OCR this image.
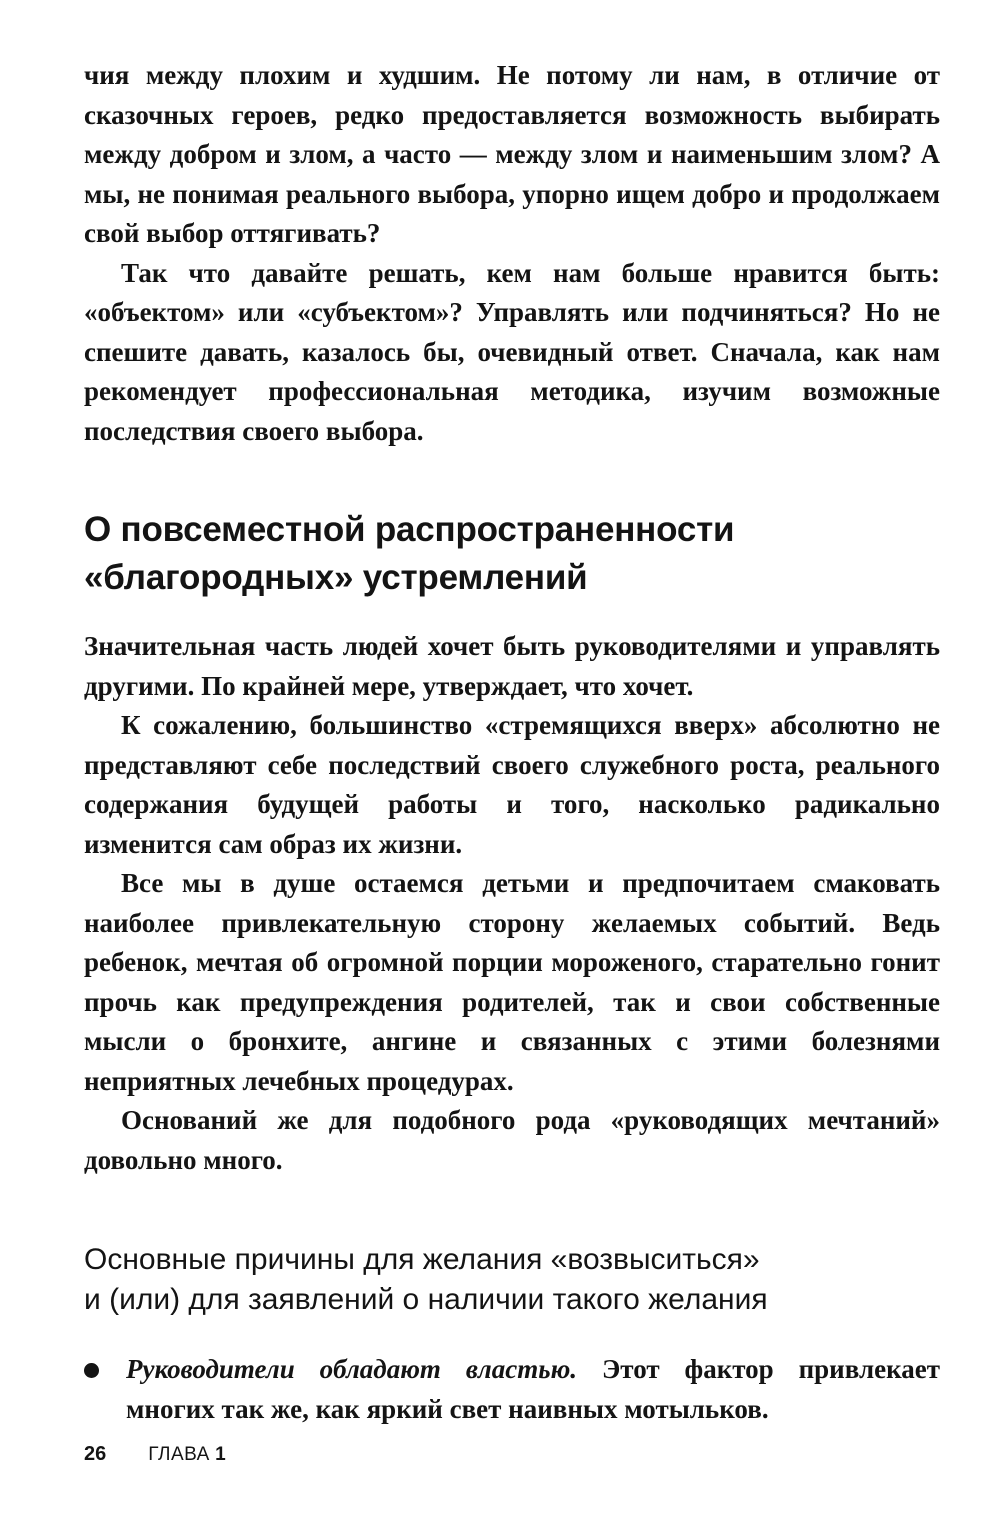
чия между плохим и худшим. Не потому ли нам, в отличие от сказочных героев, редко предоставляется возможность выбирать между добром и злом, а часто — между злом и наименьшим злом? А мы, не понимая реального выбора, упорно ищем добро и продолжаем свой выбор оттягивать?

Так что давайте решать, кем нам больше нравится быть: «объектом» или «субъектом»? Управлять или подчиняться? Но не спешите давать, казалось бы, очевидный ответ. Сначала, как нам рекомендует профессиональная методика, изучим возможные последствия своего выбора.

О повсеместной распространенности
«благородных» устремлений

Значительная часть людей хочет быть руководителями и управлять другими. По крайней мере, утверждает, что хочет.

К сожалению, большинство «стремящихся вверх» абсолютно не представляют себе последствий своего служебного роста, реального содержания будущей работы и того, насколько радикально изменится сам образ их жизни.

Все мы в душе остаемся детьми и предпочитаем смаковать наиболее привлекательную сторону желаемых событий. Ведь ребенок, мечтая об огромной порции мороженого, старательно гонит прочь как предупреждения родителей, так и свои собственные мысли о бронхите, ангине и связанных с этими болезнями неприятных лечебных процедурах.

Оснований же для подобного рода «руководящих мечтаний» довольно много.

Основные причины для желания «возвыситься»
и (или) для заявлений о наличии такого желания
Руководители обладают властью. Этот фактор привлекает многих так же, как яркий свет наивных мотыльков.
26 ГЛАВА 1
